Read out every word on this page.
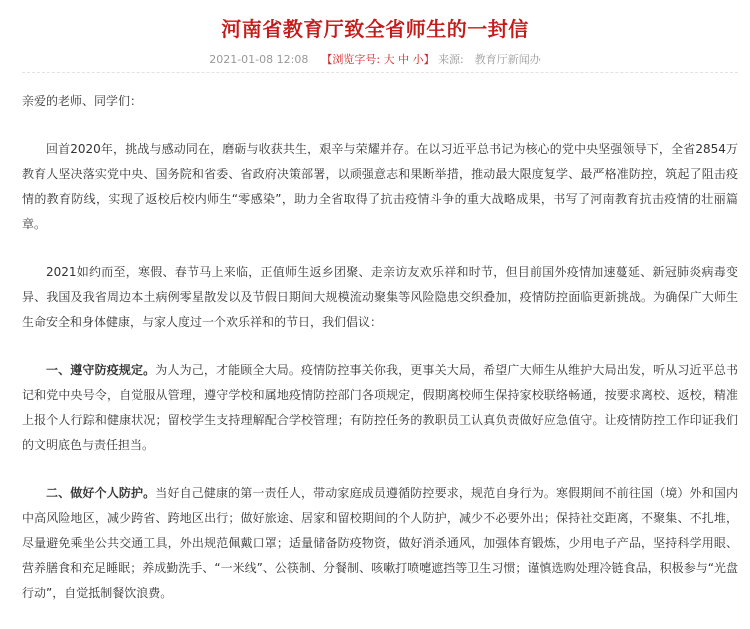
河南省教育厅致全省师生的一封信
2021-01-08 12:08 【浏览字号: 大 中 小】 来源:　教育厅新闻办

亲爱的老师、同学们：

回首2020年，挑战与感动同在，磨砺与收获共生，艰辛与荣耀并存。在以习近平总书记为核心的党中央坚强领导下，全省2854万教育人坚决落实党中央、国务院和省委、省政府决策部署，以顽强意志和果断举措，推动最大限度复学、最严格准防控，筑起了阻击疫情的教育防线，实现了返校后校内师生“零感染”，助力全省取得了抗击疫情斗争的重大战略成果，书写了河南教育抗击疫情的壮丽篇章。

2021如约而至，寒假、春节马上来临，正值师生返乡团聚、走亲访友欢乐祥和时节，但目前国外疫情加速蔓延、新冠肺炎病毒变异、我国及我省周边本土病例零星散发以及节假日期间大规模流动聚集等风险隐患交织叠加，疫情防控面临更新挑战。为确保广大师生生命安全和身体健康，与家人度过一个欢乐祥和的节日，我们倡议：

一、遵守防疫规定。为人为己，才能顾全大局。疫情防控事关你我，更事关大局，希望广大师生从维护大局出发，听从习近平总书记和党中央号令，自觉服从管理，遵守学校和属地疫情防控部门各项规定，假期离校师生保持家校联络畅通，按要求离校、返校，精准上报个人行踪和健康状况；留校学生支持理解配合学校管理；有防控任务的教职员工认真负责做好应急值守。让疫情防控工作印证我们的文明底色与责任担当。

二、做好个人防护。当好自己健康的第一责任人，带动家庭成员遵循防控要求，规范自身行为。寒假期间不前往国（境）外和国内中高风险地区，减少跨省、跨地区出行；做好旅途、居家和留校期间的个人防护，减少不必要外出；保持社交距离，不聚集、不扎堆，尽量避免乘坐公共交通工具，外出规范佩戴口罩；适量储备防疫物资，做好消杀通风，加强体育锻炼，少用电子产品，坚持科学用眼、营养膳食和充足睡眠；养成勤洗手、“一米线”、公筷制、分餐制、咳嗽打喷嚏遮挡等卫生习惯；谨慎选购处理冷链食品，积极参与“光盘行动”，自觉抵制餐饮浪费。
